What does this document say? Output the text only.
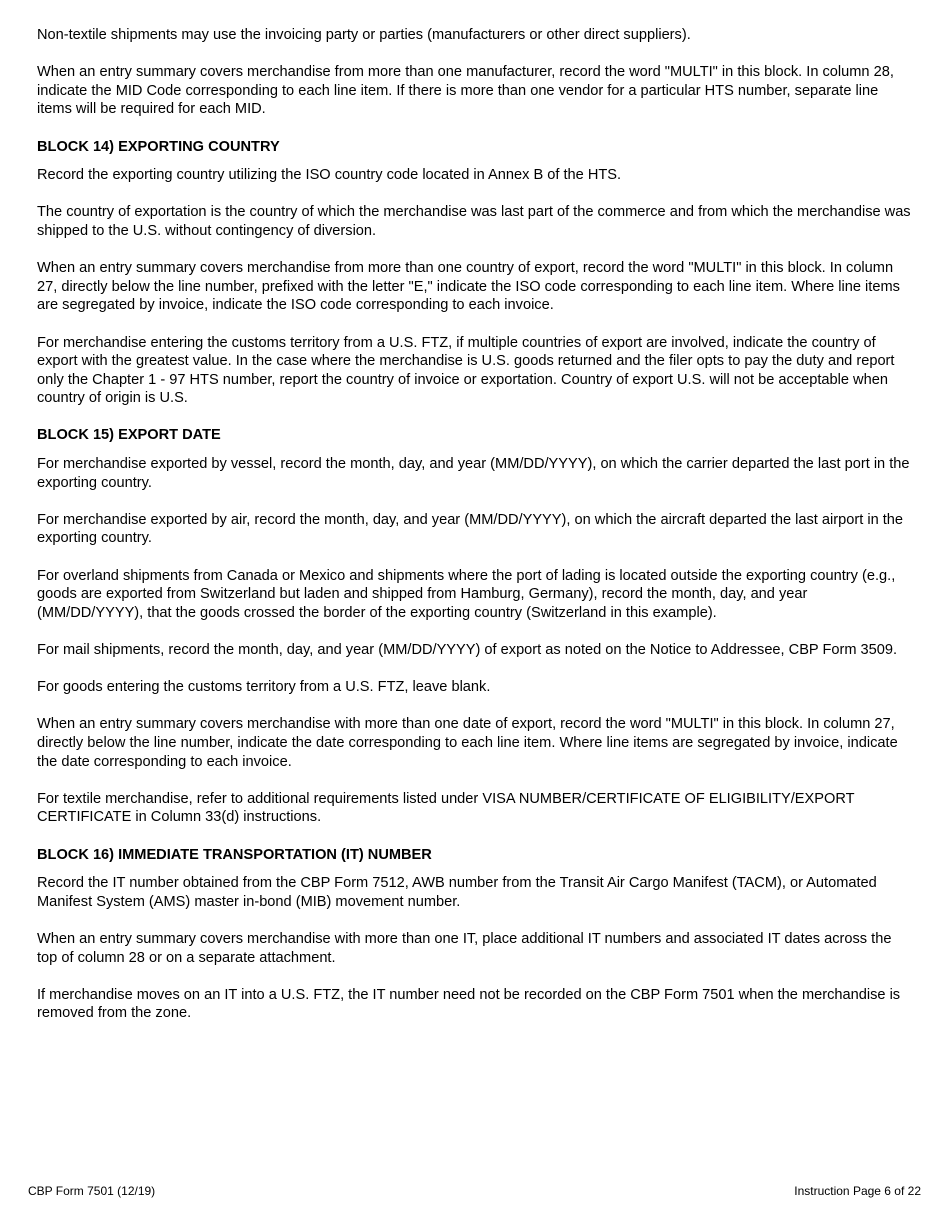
Non-textile shipments may use the invoicing party or parties (manufacturers or other direct suppliers).

When an entry summary covers merchandise from more than one manufacturer, record the word "MULTI" in this block. In column 28, indicate the MID Code corresponding to each line item. If there is more than one vendor for a particular HTS number, separate line items will be required for each MID.

BLOCK 14) EXPORTING COUNTRY

Record the exporting country utilizing the ISO country code located in Annex B of the HTS.

The country of exportation is the country of which the merchandise was last part of the commerce and from which the merchandise was shipped to the U.S. without contingency of diversion.

When an entry summary covers merchandise from more than one country of export, record the word "MULTI" in this block. In column 27, directly below the line number, prefixed with the letter "E," indicate the ISO code corresponding to each line item. Where line items are segregated by invoice, indicate the ISO code corresponding to each invoice.

For merchandise entering the customs territory from a U.S. FTZ, if multiple countries of export are involved, indicate the country of export with the greatest value. In the case where the merchandise is U.S. goods returned and the filer opts to pay the duty and report only the Chapter 1 - 97 HTS number, report the country of invoice or exportation. Country of export U.S. will not be acceptable when country of origin is U.S.

BLOCK 15) EXPORT DATE

For merchandise exported by vessel, record the month, day, and year (MM/DD/YYYY), on which the carrier departed the last port in the exporting country.

For merchandise exported by air, record the month, day, and year (MM/DD/YYYY), on which the aircraft departed the last airport in the exporting country.

For overland shipments from Canada or Mexico and shipments where the port of lading is located outside the exporting country (e.g., goods are exported from Switzerland but laden and shipped from Hamburg, Germany), record the month, day, and year (MM/DD/YYYY), that the goods crossed the border of the exporting country (Switzerland in this example).

For mail shipments, record the month, day, and year (MM/DD/YYYY) of export as noted on the Notice to Addressee, CBP Form 3509.

For goods entering the customs territory from a U.S. FTZ, leave blank.

When an entry summary covers merchandise with more than one date of export, record the word "MULTI" in this block. In column 27, directly below the line number, indicate the date corresponding to each line item. Where line items are segregated by invoice, indicate the date corresponding to each invoice.

For textile merchandise, refer to additional requirements listed under VISA NUMBER/CERTIFICATE OF ELIGIBILITY/EXPORT CERTIFICATE in Column 33(d) instructions.

BLOCK 16) IMMEDIATE TRANSPORTATION (IT) NUMBER

Record the IT number obtained from the CBP Form 7512, AWB number from the Transit Air Cargo Manifest (TACM), or Automated Manifest System (AMS) master in-bond (MIB) movement number.

When an entry summary covers merchandise with more than one IT, place additional IT numbers and associated IT dates across the top of column 28 or on a separate attachment.

If merchandise moves on an IT into a U.S. FTZ, the IT number need not be recorded on the CBP Form 7501 when the merchandise is removed from the zone.

CBP Form 7501 (12/19)	Instruction Page 6 of 22
